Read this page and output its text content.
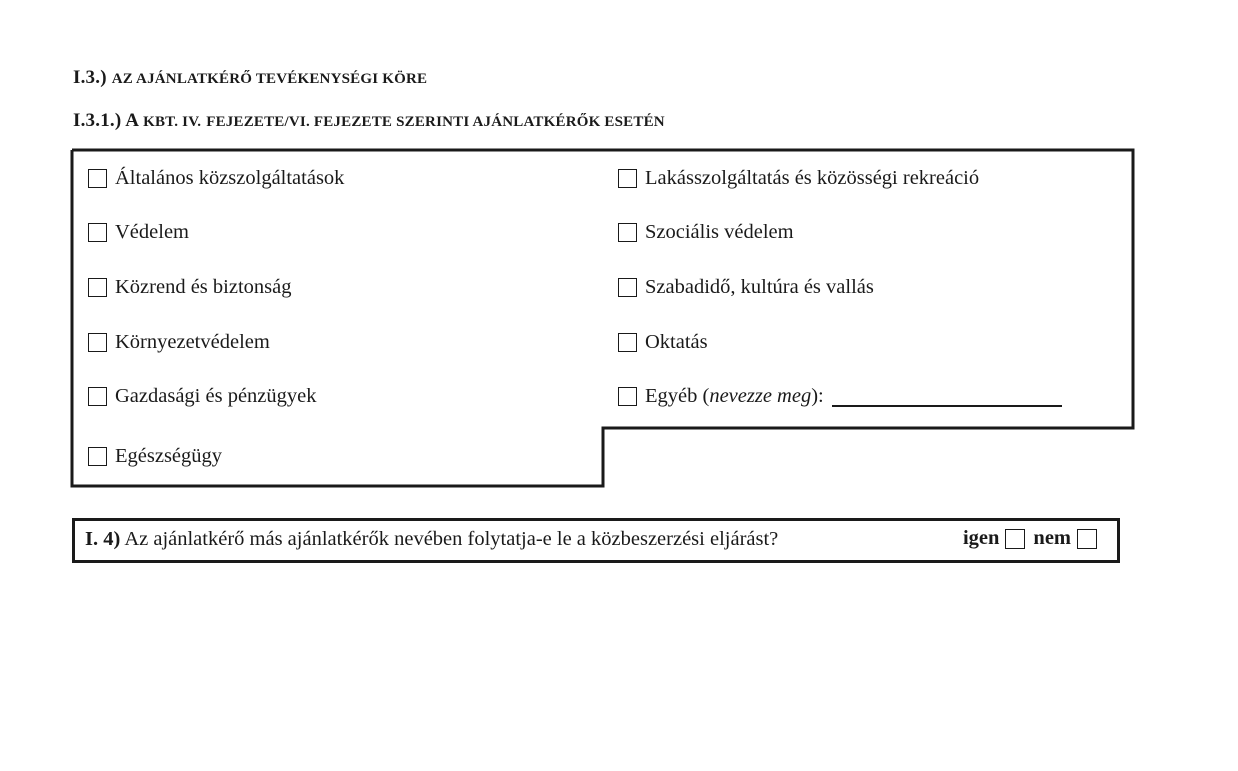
I.3.) AZ AJÁNLATKÉRŐ TEVÉKENYSÉGI KÖRE
I.3.1.) A KBT. IV. FEJEZETE/VI. FEJEZETE SZERINTI AJÁNLATKÉRŐK ESETÉN
Általános közszolgáltatások
Védelem
Közrend és biztonság
Környezetvédelem
Gazdasági és pénzügyek
Egészségügy
Lakásszolgáltatás és közösségi rekreáció
Szociális védelem
Szabadidő, kultúra és vallás
Oktatás
Egyéb
( nevezze meg ):
I. 4) Az ajánlatkérő más ajánlatkérők nevében folytatja-e le a közbeszerzési eljárást?	igen nem
